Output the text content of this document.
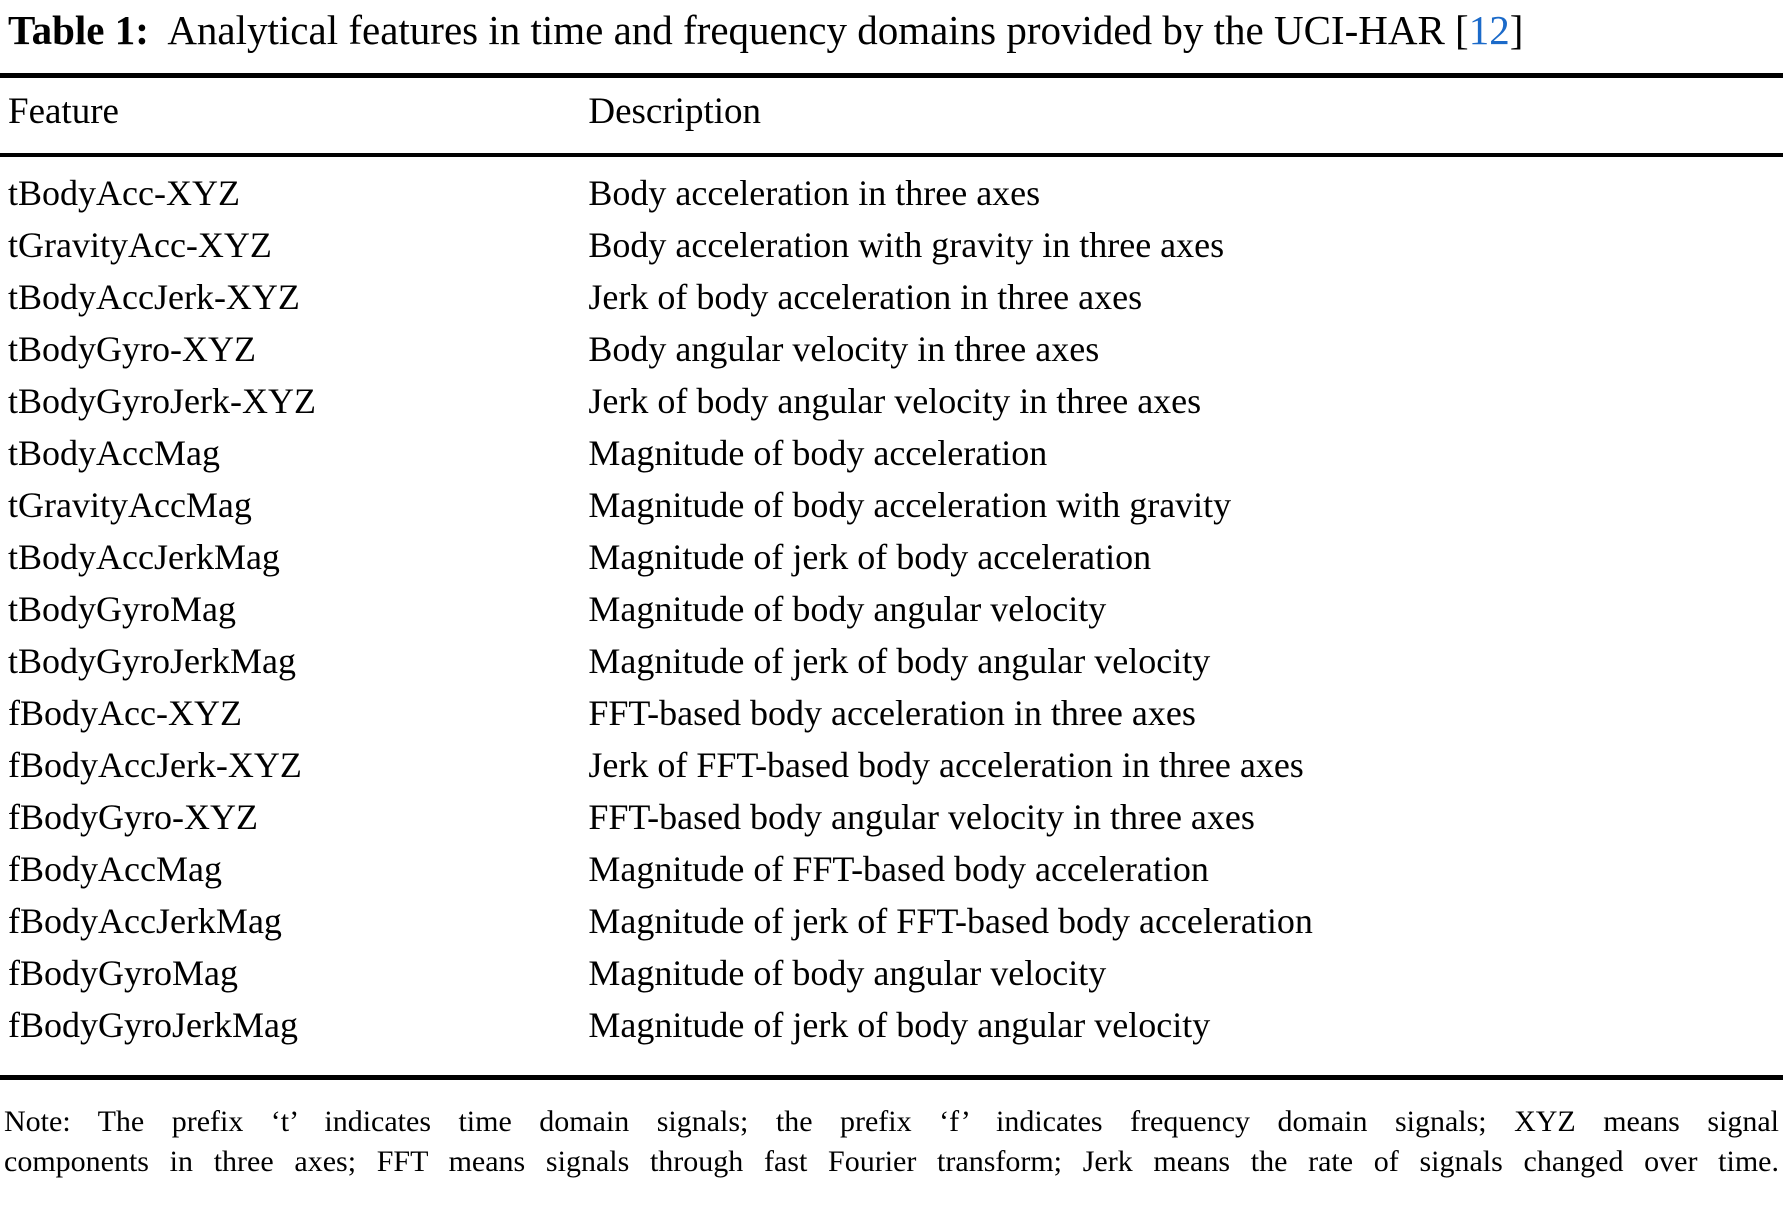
Table 1: Analytical features in time and frequency domains provided by the UCI-HAR [12]
Feature	Description
tBodyAcc-XYZ	Body acceleration in three axes
tGravityAcc-XYZ	Body acceleration with gravity in three axes
tBodyAccJerk-XYZ	Jerk of body acceleration in three axes
tBodyGyro-XYZ	Body angular velocity in three axes
tBodyGyroJerk-XYZ	Jerk of body angular velocity in three axes
tBodyAccMag	Magnitude of body acceleration
tGravityAccMag	Magnitude of body acceleration with gravity
tBodyAccJerkMag	Magnitude of jerk of body acceleration
tBodyGyroMag	Magnitude of body angular velocity
tBodyGyroJerkMag	Magnitude of jerk of body angular velocity
fBodyAcc-XYZ	FFT-based body acceleration in three axes
fBodyAccJerk-XYZ	Jerk of FFT-based body acceleration in three axes
fBodyGyro-XYZ	FFT-based body angular velocity in three axes
fBodyAccMag	Magnitude of FFT-based body acceleration
fBodyAccJerkMag	Magnitude of jerk of FFT-based body acceleration
fBodyGyroMag	Magnitude of body angular velocity
fBodyGyroJerkMag	Magnitude of jerk of body angular velocity
Note: The prefix ‘t’ indicates time domain signals; the prefix ‘f’ indicates frequency domain signals; XYZ means signal
components in three axes; FFT means signals through fast Fourier transform; Jerk means the rate of signals changed over time.
